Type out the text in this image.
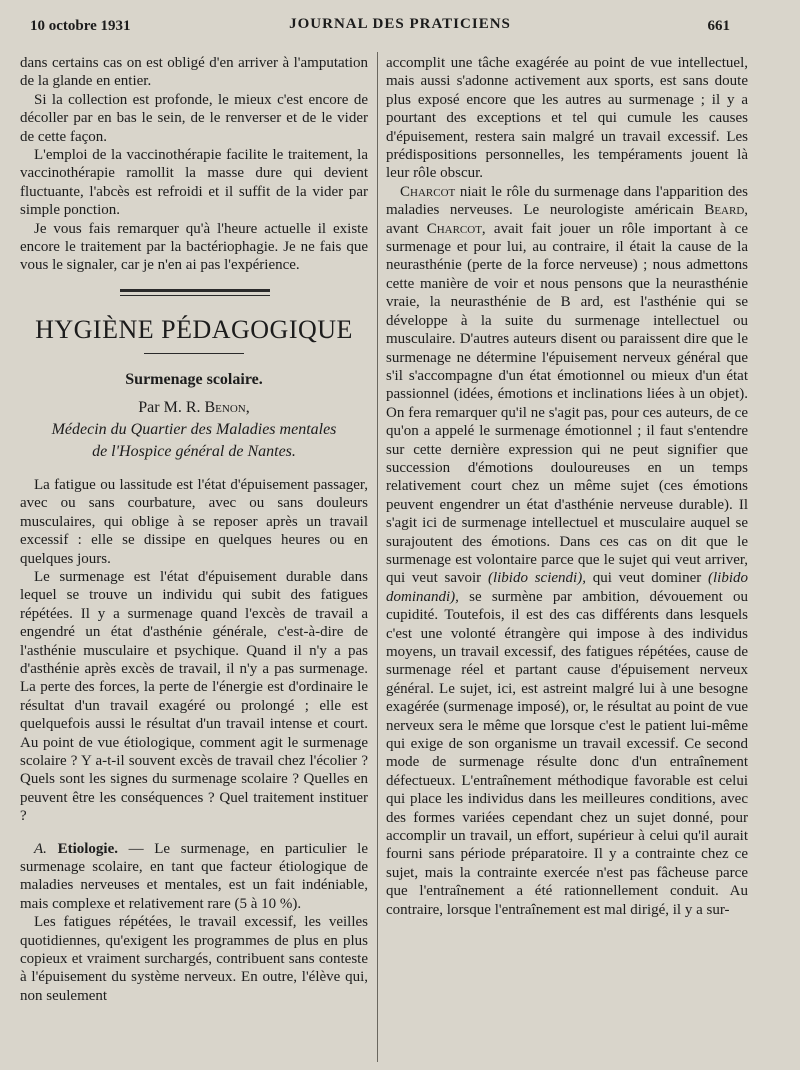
10 octobre 1931	JOURNAL DES PRATICIENS	661

dans certains cas on est obligé d'en arriver à l'amputation de la glande en entier.

Si la collection est profonde, le mieux c'est encore de décoller par en bas le sein, de le renverser et de le vider de cette façon.

L'emploi de la vaccinothérapie facilite le traitement, la vaccinothérapie ramollit la masse dure qui devient fluctuante, l'abcès est refroidi et il suffit de la vider par simple ponction.

Je vous fais remarquer qu'à l'heure actuelle il existe encore le traitement par la bactériophagie. Je ne fais que vous le signaler, car je n'en ai pas l'expérience.

HYGIÈNE PÉDAGOGIQUE
Surmenage scolaire.
Par M. R. Benon,
Médecin du Quartier des Maladies mentales
de l'Hospice général de Nantes.

La fatigue ou lassitude est l'état d'épuisement passager, avec ou sans courbature, avec ou sans douleurs musculaires, qui oblige à se reposer après un travail excessif : elle se dissipe en quelques heures ou en quelques jours.

Le surmenage est l'état d'épuisement durable dans lequel se trouve un individu qui subit des fatigues répétées. Il y a surmenage quand l'excès de travail a engendré un état d'asthénie générale, c'est-à-dire de l'asthénie musculaire et psychique. Quand il n'y a pas d'asthénie après excès de travail, il n'y a pas surmenage. La perte des forces, la perte de l'énergie est d'ordinaire le résultat d'un travail exagéré ou prolongé ; elle est quelquefois aussi le résultat d'un travail intense et court. Au point de vue étiologique, comment agit le surmenage scolaire ? Y a-t-il souvent excès de travail chez l'écolier ? Quels sont les signes du surmenage scolaire ? Quelles en peuvent être les conséquences ? Quel traitement instituer ?

A. Etiologie. — Le surmenage, en particulier le surmenage scolaire, en tant que facteur étiologique de maladies nerveuses et mentales, est un fait indéniable, mais complexe et relativement rare (5 à 10 %).

Les fatigues répétées, le travail excessif, les veilles quotidiennes, qu'exigent les programmes de plus en plus copieux et vraiment surchargés, contribuent sans conteste à l'épuisement du système nerveux. En outre, l'élève qui, non seulement

accomplit une tâche exagérée au point de vue intellectuel, mais aussi s'adonne activement aux sports, est sans doute plus exposé encore que les autres au surmenage ; il y a pourtant des exceptions et tel qui cumule les causes d'épuisement, restera sain malgré un travail excessif. Les prédispositions personnelles, les tempéraments jouent là leur rôle obscur.

Charcot niait le rôle du surmenage dans l'apparition des maladies nerveuses. Le neurologiste américain Beard, avant Charcot, avait fait jouer un rôle important à ce surmenage et pour lui, au contraire, il était la cause de la neurasthénie (perte de la force nerveuse) ; nous admettons cette manière de voir et nous pensons que la neurasthénie vraie, la neurasthénie de B ard, est l'asthénie qui se développe à la suite du surmenage intellectuel ou musculaire. D'autres auteurs disent ou paraissent dire que le surmenage ne détermine l'épuisement nerveux général que s'il s'accompagne d'un état émotionnel ou mieux d'un état passionnel (idées, émotions et inclinations liées à un objet). On fera remarquer qu'il ne s'agit pas, pour ces auteurs, de ce qu'on a appelé le surmenage émotionnel ; il faut s'entendre sur cette dernière expression qui ne peut signifier que succession d'émotions douloureuses en un temps relativement court chez un même sujet (ces émotions peuvent engendrer un état d'asthénie nerveuse durable). Il s'agit ici de surmenage intellectuel et musculaire auquel se surajoutent des émotions. Dans ces cas on dit que le surmenage est volontaire parce que le sujet qui veut arriver, qui veut savoir (libido sciendi), qui veut dominer (libido dominandi), se surmène par ambition, dévouement ou cupidité. Toutefois, il est des cas différents dans lesquels c'est une volonté étrangère qui impose à des individus moyens, un travail excessif, des fatigues répétées, cause de surmenage réel et partant cause d'épuisement nerveux général. Le sujet, ici, est astreint malgré lui à une besogne exagérée (surmenage imposé), or, le résultat au point de vue nerveux sera le même que lorsque c'est le patient lui-même qui exige de son organisme un travail excessif. Ce second mode de surmenage résulte donc d'un entraînement défectueux. L'entraînement méthodique favorable est celui qui place les individus dans les meilleures conditions, avec des formes variées cependant chez un sujet donné, pour accomplir un travail, un effort, supérieur à celui qu'il aurait fourni sans période préparatoire. Il y a contrainte chez ce sujet, mais la contrainte exercée n'est pas fâcheuse parce que l'entraînement a été rationnellement conduit. Au contraire, lorsque l'entraînement est mal dirigé, il y a sur-
